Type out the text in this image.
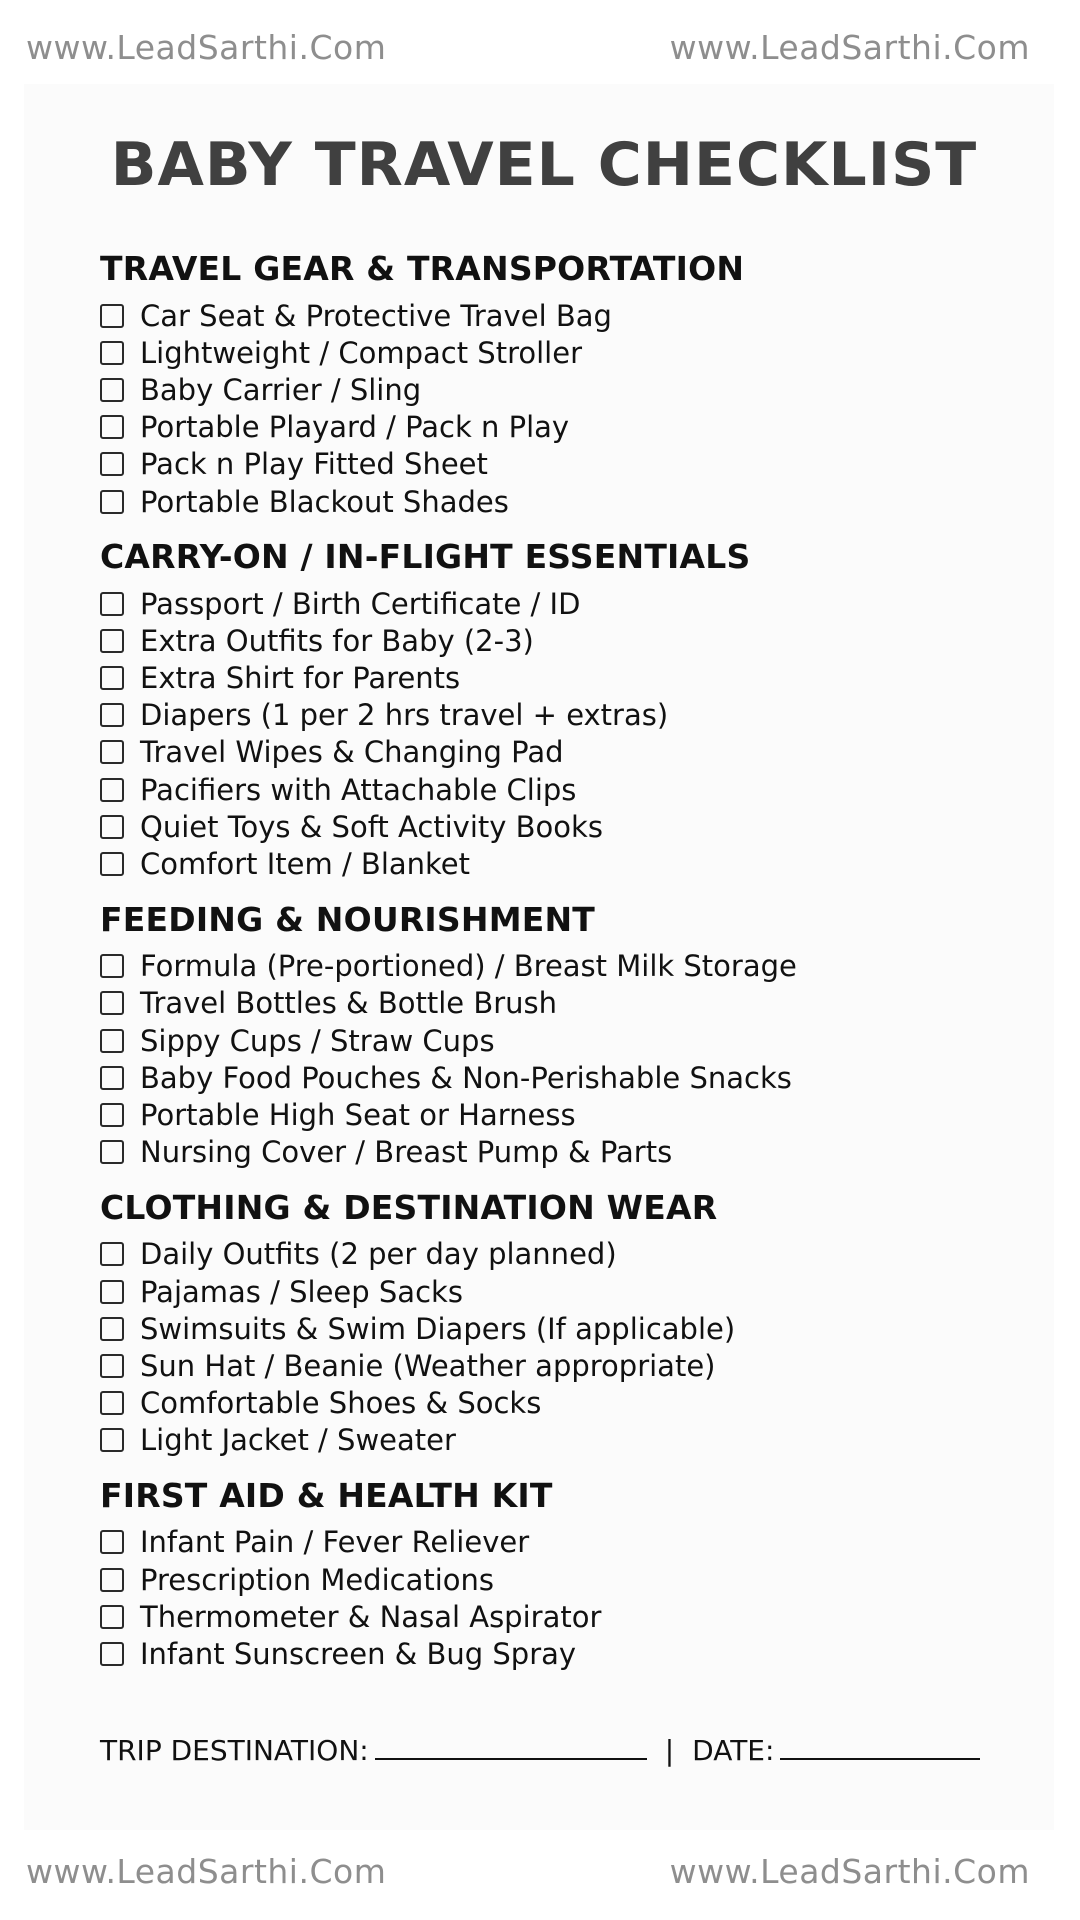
www.LeadSarthi.Com	www.LeadSarthi.Com
BABY TRAVEL CHECKLIST
TRAVEL GEAR & TRANSPORTATION
Car Seat & Protective Travel Bag
Lightweight / Compact Stroller
Baby Carrier / Sling
Portable Playard / Pack n Play
Pack n Play Fitted Sheet
Portable Blackout Shades
CARRY-ON / IN-FLIGHT ESSENTIALS
Passport / Birth Certificate / ID
Extra Outfits for Baby (2-3)
Extra Shirt for Parents
Diapers (1 per 2 hrs travel + extras)
Travel Wipes & Changing Pad
Pacifiers with Attachable Clips
Quiet Toys & Soft Activity Books
Comfort Item / Blanket
FEEDING & NOURISHMENT
Formula (Pre-portioned) / Breast Milk Storage
Travel Bottles & Bottle Brush
Sippy Cups / Straw Cups
Baby Food Pouches & Non-Perishable Snacks
Portable High Seat or Harness
Nursing Cover / Breast Pump & Parts
CLOTHING & DESTINATION WEAR
Daily Outfits (2 per day planned)
Pajamas / Sleep Sacks
Swimsuits & Swim Diapers (If applicable)
Sun Hat / Beanie (Weather appropriate)
Comfortable Shoes & Socks
Light Jacket / Sweater
FIRST AID & HEALTH KIT
Infant Pain / Fever Reliever
Prescription Medications
Thermometer & Nasal Aspirator
Infant Sunscreen & Bug Spray
TRIP DESTINATION:	| DATE:
www.LeadSarthi.Com	www.LeadSarthi.Com
